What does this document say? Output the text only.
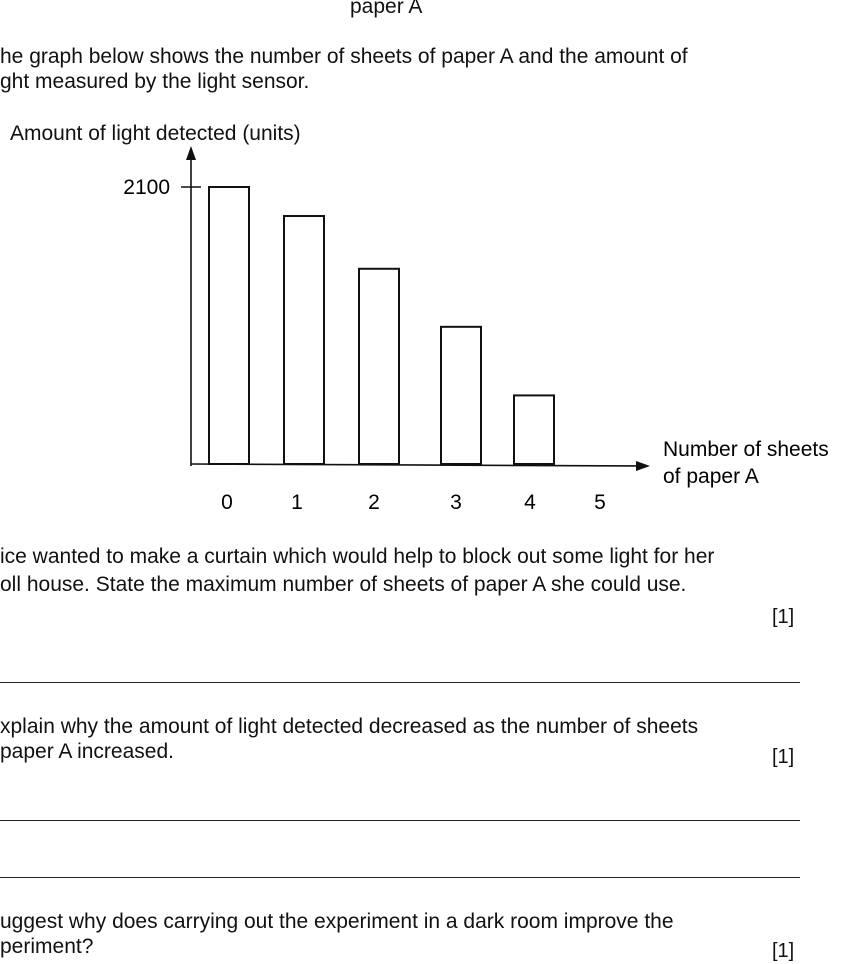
paper A
he graph below shows the number of sheets of paper A and the amount of
ght measured by the light sensor.
Amount of light detected (units)
2100
Number of sheets
of paper A
0	1	2	3	4	5
ice wanted to make a curtain which would help to block out some light for her
oll house. State the maximum number of sheets of paper A she could use.
[1]
xplain why the amount of light detected decreased as the number of sheets
paper A increased.	[1]
uggest why does carrying out the experiment in a dark room improve the
periment?	[1]
